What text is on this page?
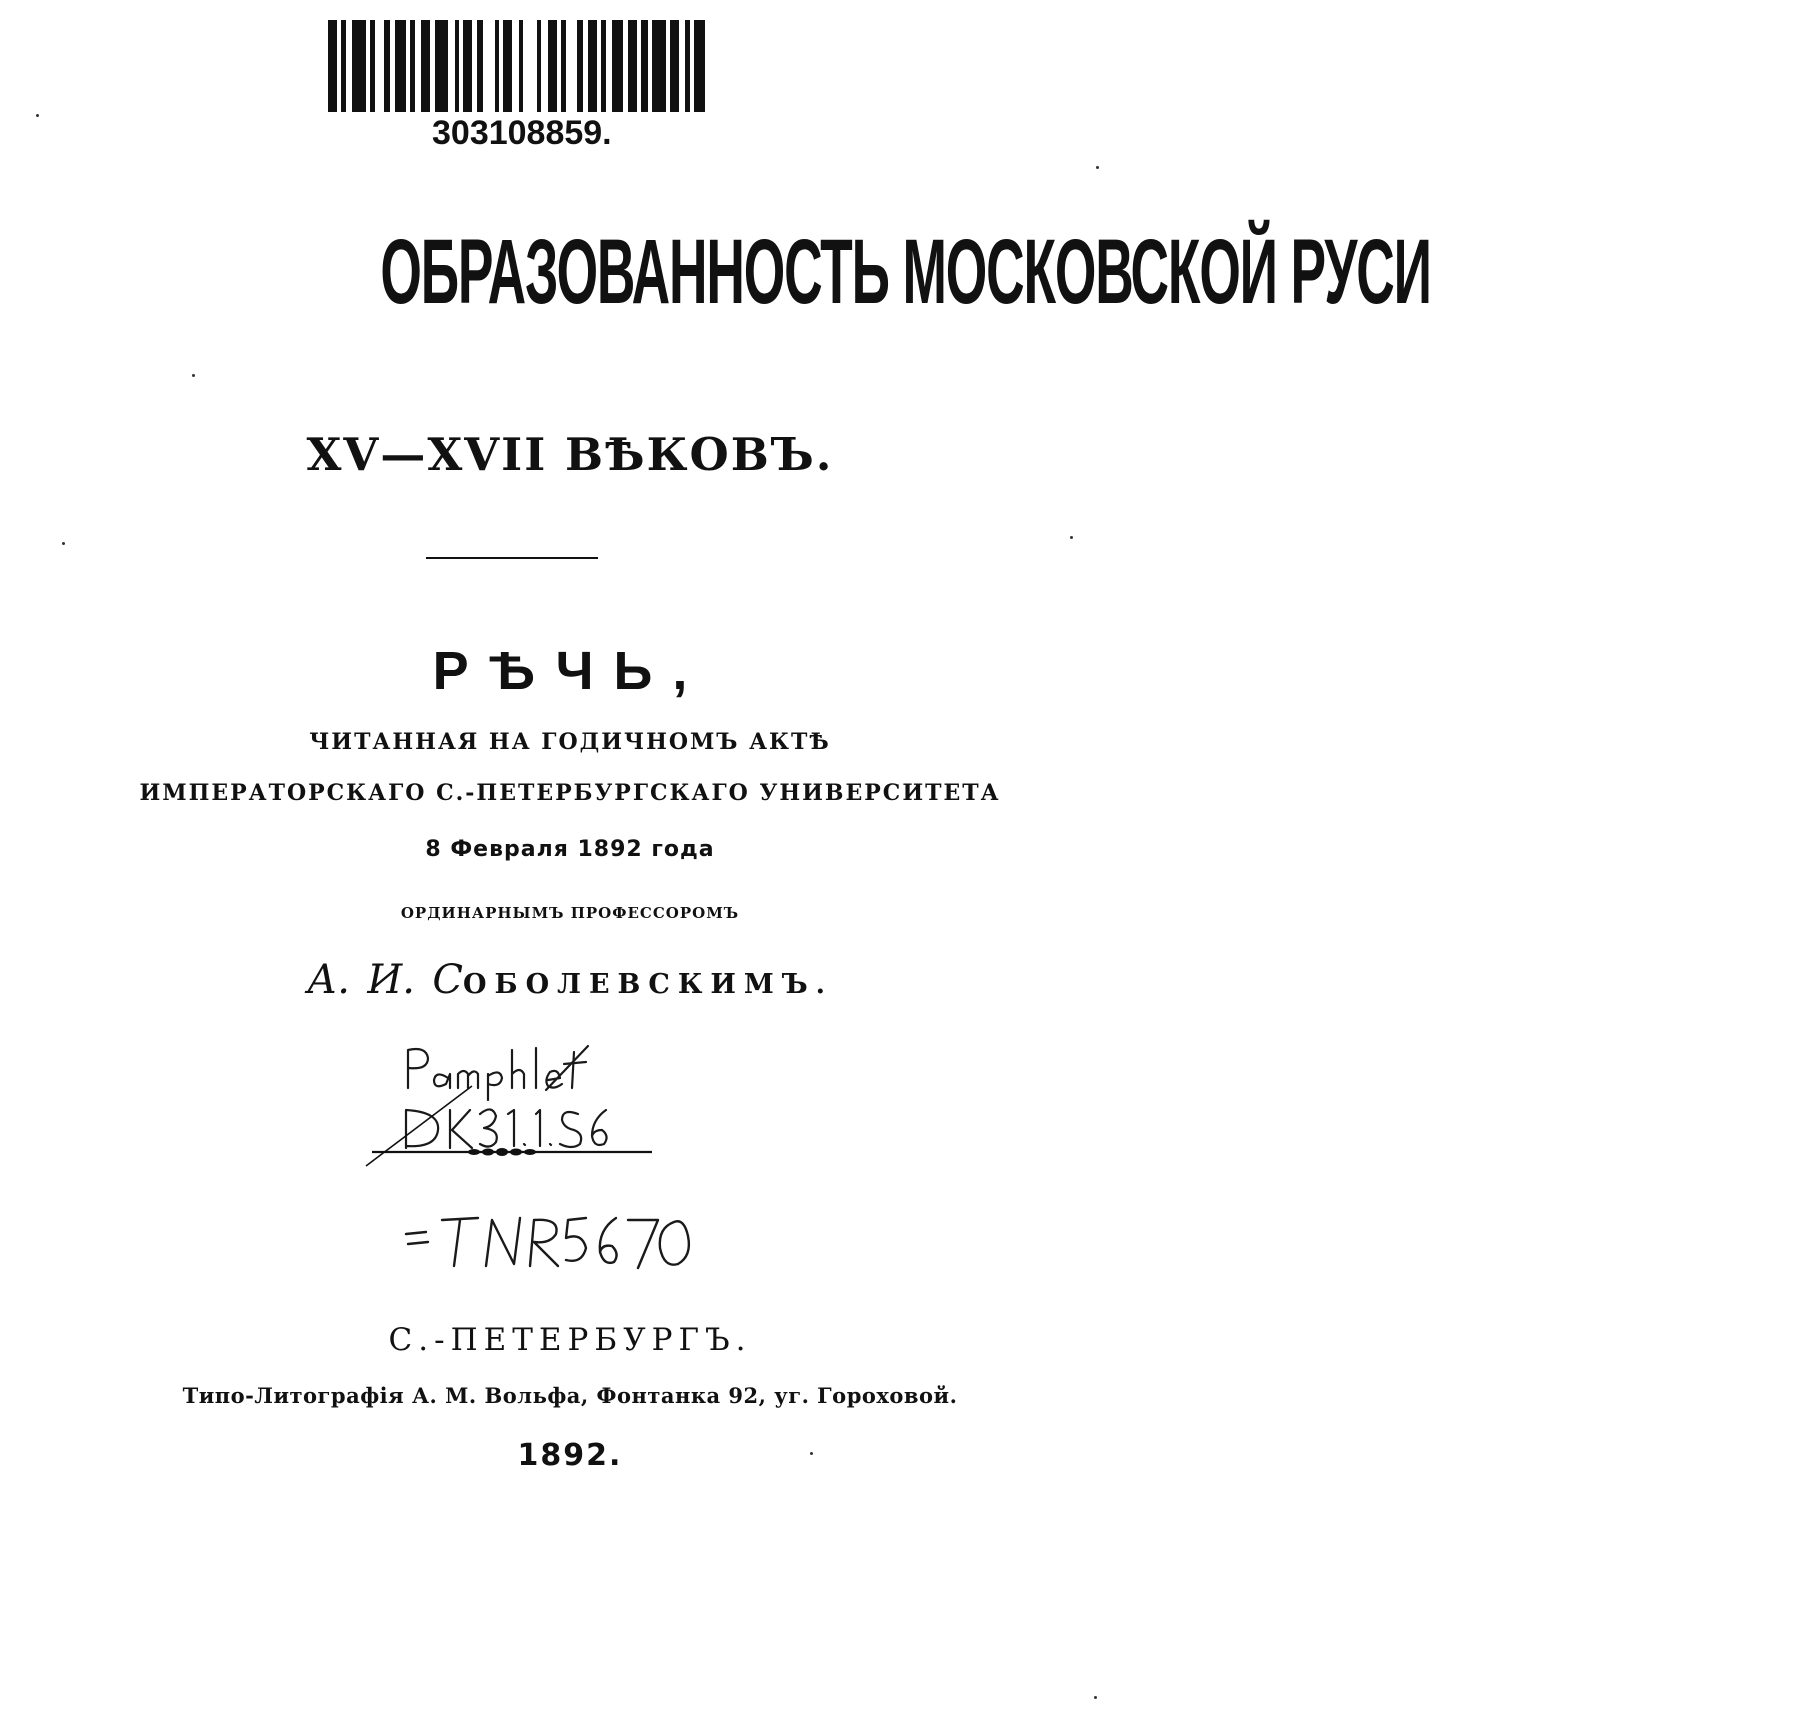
303108859.
ОБРАЗОВАННОСТЬ МОСКОВСКОЙ РУСИ
XV—XVII ВѢКОВЪ.
РѢЧЬ,
ЧИТАННАЯ НА ГОДИЧНОМЪ АКТѢ
ИМПЕРАТОРСКАГО С.-ПЕТЕРБУРГСКАГО УНИВЕРСИТЕТА
8 Февраля 1892 года
ОРДИНАРНЫМЪ ПРОФЕССОРОМЪ
А. И. СОБОЛЕВСКИМЪ.
С.-ПЕТЕРБУРГЪ.
Типо-Литографія А. М. Вольфа, Фонтанка 92, уг. Гороховой.
1892.
